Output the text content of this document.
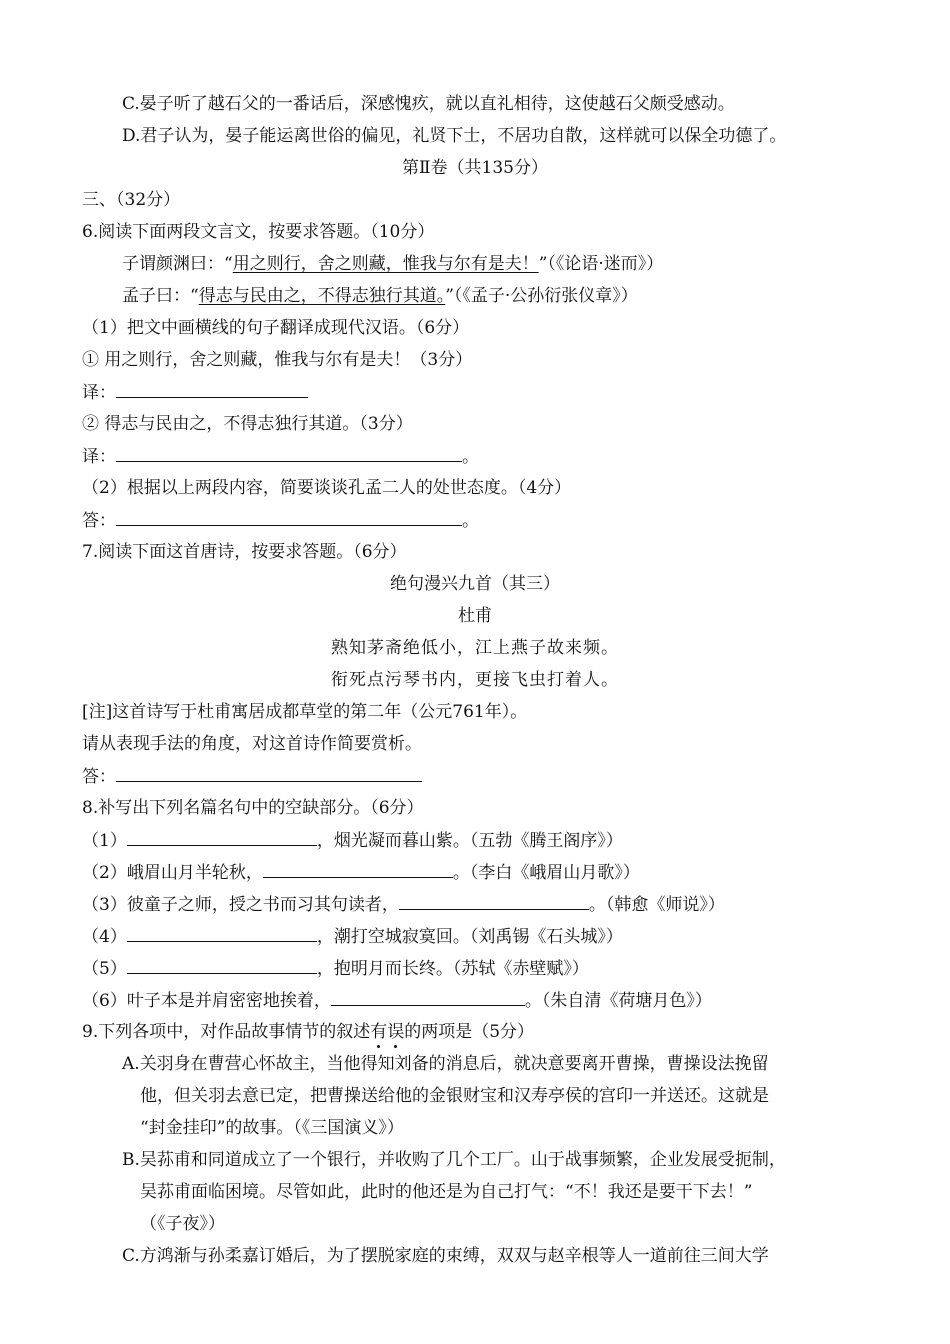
C.晏子听了越石父的一番话后，深感愧疚，就以直礼相待，这使越石父颇受感动。
D.君子认为，晏子能运离世俗的偏见，礼贤下士，不居功自散，这样就可以保全功德了。
第Ⅱ卷（共135分）
三、（32分）
6.阅读下面两段文言文，按要求答题。（10分）
子谓颜渊曰：“用之则行，舍之则藏，惟我与尔有是夫！”（《论语·迷而》）
孟子曰：“得志与民由之，不得志独行其道。”（《孟子·公孙衍张仪章》）
（1）把文中画横线的句子翻译成现代汉语。（6分）
① 用之则行，舍之则藏，惟我与尔有是夫！（3分）
译：
② 得志与民由之，不得志独行其道。（3分）
译：	。
（2）根据以上两段内容，简要谈谈孔孟二人的处世态度。（4分）
答：	。
7.阅读下面这首唐诗，按要求答题。（6分）
绝句漫兴九首（其三）
杜甫
熟知茅斋绝低小，江上燕子故来频。
衔死点污琴书内，更接飞虫打着人。
[注]这首诗写于杜甫寓居成都草堂的第二年（公元761年）。
请从表现手法的角度，对这首诗作简要赏析。
答：
8.补写出下列名篇名句中的空缺部分。（6分）
（1）	，烟光凝而暮山紫。（五勃《腾王阁序》）
（2）峨眉山月半轮秋，	。（李白《峨眉山月歌》）
（3）彼童子之师，授之书而习其句读者，	。（韩愈《师说》）
（4）	，潮打空城寂寞回。（刘禹锡《石头城》）
（5）	，抱明月而长终。（苏轼《赤壁赋》）
（6）叶子本是并肩密密地挨着，	。（朱自清《荷塘月色》）
9.下列各项中，对作品故事情节的叙述有误的两项是（5分）
A.关羽身在曹营心怀故主，当他得知刘备的消息后，就决意要离开曹操，曹操设法挽留
他，但关羽去意已定，把曹操送给他的金银财宝和汉寿亭侯的宫印一并送还。这就是
“封金挂印”的故事。（《三国演义》）
B.吴荪甫和同道成立了一个银行，并收购了几个工厂。山于战事频繁，企业发展受扼制，
吴荪甫面临困境。尽管如此，此时的他还是为自己打气：“不！我还是要干下去！”
（《子夜》）
C.方鸿渐与孙柔嘉订婚后，为了摆脱家庭的束缚，双双与赵辛根等人一道前往三间大学
